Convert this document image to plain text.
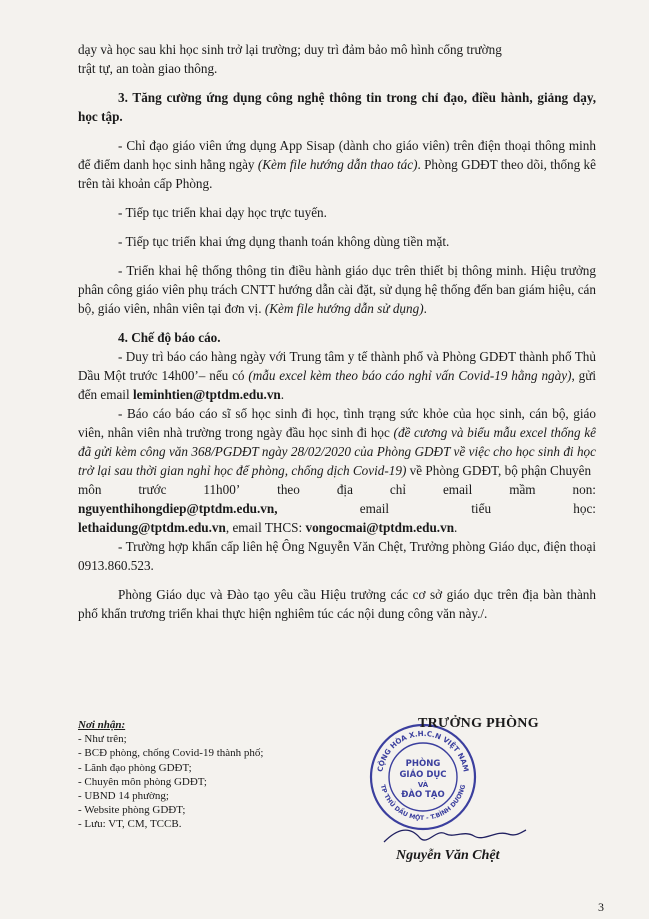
dạy và học sau khi học sinh trở lại trường; duy trì đảm bảo mô hình cổng trường
trật tự, an toàn giao thông.

3. Tăng cường ứng dụng công nghệ thông tin trong chỉ đạo, điều hành, giảng dạy, học tập.

- Chỉ đạo giáo viên ứng dụng App Sisap (dành cho giáo viên) trên điện thoại thông minh để điểm danh học sinh hằng ngày (Kèm file hướng dẫn thao tác). Phòng GDĐT theo dõi, thống kê trên tài khoản cấp Phòng.

- Tiếp tục triển khai dạy học trực tuyến.

- Tiếp tục triển khai ứng dụng thanh toán không dùng tiền mặt.

- Triển khai hệ thống thông tin điều hành giáo dục trên thiết bị thông minh. Hiệu trưởng phân công giáo viên phụ trách CNTT hướng dẫn cài đặt, sử dụng hệ thống đến ban giám hiệu, cán bộ, giáo viên, nhân viên tại đơn vị. (Kèm file hướng dẫn sử dụng).

4. Chế độ báo cáo.

- Duy trì báo cáo hàng ngày với Trung tâm y tế thành phố và Phòng GDĐT thành phố Thủ Dầu Một trước 14h00’– nếu có (mẫu excel kèm theo báo cáo nghỉ vấn Covid-19 hằng ngày), gửi đến email leminhtien@tptdm.edu.vn.

- Báo cáo báo cáo sĩ số học sinh đi học, tình trạng sức khỏe của học sinh, cán bộ, giáo viên, nhân viên nhà trường trong ngày đầu học sinh đi học (đề cương và biểu mẫu excel thống kê đã gửi kèm công văn 368/PGDĐT ngày 28/02/2020 của Phòng GDĐT về việc cho học sinh đi học trở lại sau thời gian nghỉ học để phòng, chống dịch Covid-19) về Phòng GDĐT, bộ phận Chuyên

môn	trước	11h00’	theo	địa	chỉ	email	mầm	non:
nguyenthihongdiep@tptdm.edu.vn,	email	tiểu	học:

lethaidung@tptdm.edu.vn, email THCS: vongocmai@tptdm.edu.vn.

- Trường hợp khẩn cấp liên hệ Ông Nguyễn Văn Chệt, Trưởng phòng Giáo dục, điện thoại 0913.860.523.

Phòng Giáo dục và Đào tạo yêu cầu Hiệu trưởng các cơ sở giáo dục trên địa bàn thành phố khẩn trương triển khai thực hiện nghiêm túc các nội dung công văn này./.

Nơi nhận:
- Như trên;
- BCĐ phòng, chống Covid-19 thành phố;
- Lãnh đạo phòng GDĐT;
- Chuyên môn phòng GDĐT;
- UBND 14 phường;
- Website phòng GDĐT;
- Lưu: VT, CM, TCCB.
CỘNG HÒA X.H.C.N VIỆT NAM
TP THỦ DẦU MỘT - T.BÌNH DƯƠNG
PHÒNG
GIÁO DỤC
VÀ
ĐÀO TẠO
TRƯỞNG PHÒNG
Nguyễn Văn Chệt
3
